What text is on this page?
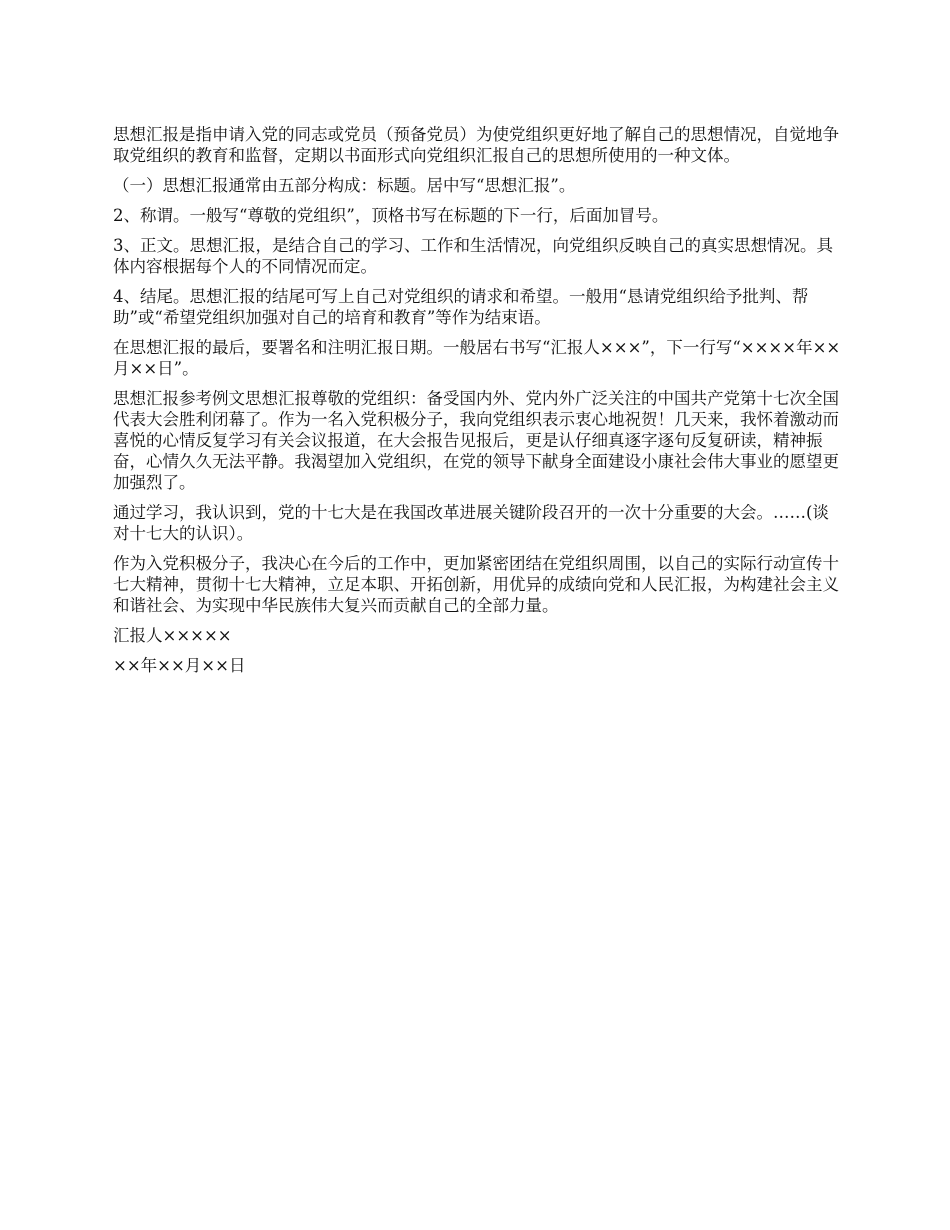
思想汇报是指申请入党的同志或党员（预备党员）为使党组织更好地了解自己的思想情况，自觉地争取党组织的教育和监督，定期以书面形式向党组织汇报自己的思想所使用的一种文体。

（一）思想汇报通常由五部分构成：标题。居中写“思想汇报”。

2、称谓。一般写“尊敬的党组织”，顶格书写在标题的下一行，后面加冒号。

3、正文。思想汇报，是结合自己的学习、工作和生活情况，向党组织反映自己的真实思想情况。具体内容根据每个人的不同情况而定。

4、结尾。思想汇报的结尾可写上自己对党组织的请求和希望。一般用“恳请党组织给予批判、帮助”或“希望党组织加强对自己的培育和教育”等作为结束语。

在思想汇报的最后，要署名和注明汇报日期。一般居右书写“汇报人×××”，下一行写“××××年××月××日”。

思想汇报参考例文思想汇报尊敬的党组织：备受国内外、党内外广泛关注的中国共产党第十七次全国代表大会胜利闭幕了。作为一名入党积极分子，我向党组织表示衷心地祝贺！几天来，我怀着激动而喜悦的心情反复学习有关会议报道，在大会报告见报后，更是认仔细真逐字逐句反复研读，精神振奋，心情久久无法平静。我渴望加入党组织，在党的领导下献身全面建设小康社会伟大事业的愿望更加强烈了。

通过学习，我认识到，党的十七大是在我国改革进展关键阶段召开的一次十分重要的大会。……(谈对十七大的认识）。

作为入党积极分子，我决心在今后的工作中，更加紧密团结在党组织周围，以自己的实际行动宣传十七大精神，贯彻十七大精神，立足本职、开拓创新，用优异的成绩向党和人民汇报，为构建社会主义和谐社会、为实现中华民族伟大复兴而贡献自己的全部力量。

汇报人×××××

××年××月××日
